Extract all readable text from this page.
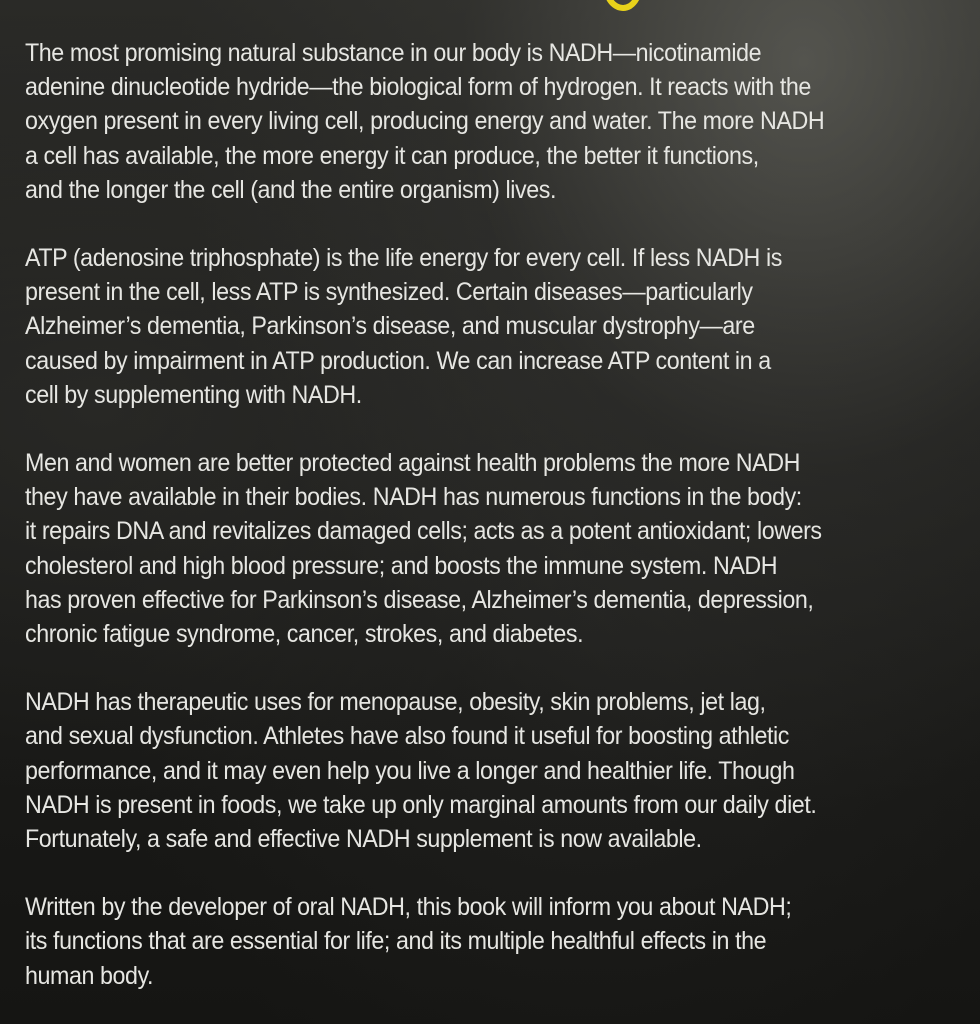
The most promising natural substance in our body is NADH—nicotinamide
adenine dinucleotide hydride—the biological form of hydrogen. It reacts with the
oxygen present in every living cell, producing energy and water. The more NADH
a cell has available, the more energy it can produce, the better it functions,
and the longer the cell (and the entire organism) lives.

ATP (adenosine triphosphate) is the life energy for every cell. If less NADH is
present in the cell, less ATP is synthesized. Certain diseases—particularly
Alzheimer’s dementia, Parkinson’s disease, and muscular dystrophy—are
caused by impairment in ATP production. We can increase ATP content in a
cell by supplementing with NADH.

Men and women are better protected against health problems the more NADH
they have available in their bodies. NADH has numerous functions in the body:
it repairs DNA and revitalizes damaged cells; acts as a potent antioxidant; lowers
cholesterol and high blood pressure; and boosts the immune system. NADH
has proven effective for Parkinson’s disease, Alzheimer’s dementia, depression,
chronic fatigue syndrome, cancer, strokes, and diabetes.

NADH has therapeutic uses for menopause, obesity, skin problems, jet lag,
and sexual dysfunction. Athletes have also found it useful for boosting athletic
performance, and it may even help you live a longer and healthier life. Though
NADH is present in foods, we take up only marginal amounts from our daily diet.
Fortunately, a safe and effective NADH supplement is now available.

Written by the developer of oral NADH, this book will inform you about NADH;
its functions that are essential for life; and its multiple healthful effects in the
human body.
